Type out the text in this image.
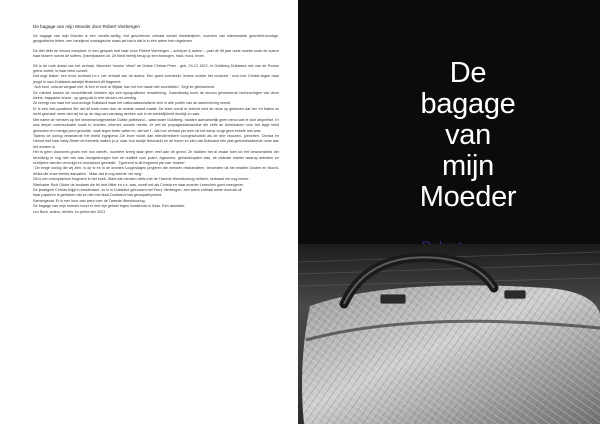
De bagage van mijn Moeder door Robert Vierbergen

De bagage van mijn Moeder is een novelle-achtig, vlot geschreven verhaal zonder tierelantijnen, voorzien van interessante geschied-kundige, geografische feiten, een handjevol nostalgische zwart-wit foto's dat is in één adem heb uitgelezen.

De titel dekt de inhoud compleet. In een gesprek met haar zoon Robert Vierbergen – schrijver & auteur – pakt de 96 jaar oude moeke oude de auteur haar bizarre noemt de koffers, (hare)bassen uit. Ze biedt hierbij terug op een bewogen, hard, mooi, leven.

Dit is de rode draad van het verhaal. Wanneer 'moeke 'ofwel' de Duitse Christa Peter - geb. 24-12 1922- in Goldberg Duitsland niet van de Poolse grens vertelt, is haar tekst cursief.

Dat oogt lekker, een mooi contrast t.o.v. het verhaal van de auteur. Een goed voorbeeld- levens moeke het cursiveit · voor hoe Christa tegen haar jeugd in nazi-Duitsland aankijkt illustreert dit fragment:

' Ach kind, ontzust vergaat niet, ik ben er toch al Wijaar, kan het me haast niet voorstellen.' Zegt ze glimlachend.

De ruimtes tussen de verschillende blokken zijn een typografische verademing. Gaandeweg komt de stroom gevarieerde herinneringen van deze kleine, frappante vrouw , op gang als in een stroom-ver-zeelbig.

Ze brengt ons naar het vooroorloge Duitsland waar het nationaalsocialisme zich in alle porlën van de samenleving neestl.

Er is één niet-opvallend flirt dat dit boek meer dan de moeite waard maakt. De lezer wordt er terecht mist de neus op gewezen dat het 'en fiatein es nicht gewusst' meer dan wij tot op de dag van vandaag denken ook in de werkelijkheid doorlijk zo was.

Met name de mensen op het immense/uitgestrekte Duitse platteland – waaronder Goldberg- hadden aanvankelijk geen benul wat er zich afspeelde. Er was amper communicatie zoals tv, kranten, internet, sociale media. Je wel de propagandamachine die zelfs de Amerikanen voor het lapje hield gehouden én menige joed geloofde- vaak tegen beter weten in, dat wel t - dat hun verhaal per trein uit het kamp vrugt geen enkele reis was.

Tijdens de oorlog veranderde het beeld ingrijpend. De lezer wordt dan ellende/miséré voorgeschoteld als de drie vrouwen- (zenchen, Christa en Hanna met haar baby Dieter de treinrels maken (o.a. naar hun stadje Neumark) én de horen en zien dat Duitsland één plat-gebombardeerde ruine aan het worden is.

Het is geen doorsnee-gruim met hun ideeën, nuchtere kreeg daar geen veel aan de grond. Ze hadden het al zwaar toen tot het bewoonsbeid der bevolking er nog niet van was doorgedrongen hoe de realiteit voor joden, zigeuners, gehandicapten was, de radicale manier waarop artiesten en schrijvers werden vervolgd en monddood gemaakt . Typerend is dit fragment pte van 'moeke':

' De enige oorlog die wij zien, is op tv en in de kranten Loogeslagen jongeren die mensen mishandelen, terroristen uit het midden Oosten en Noord-Afrika die onze wereld aanvallen . Maar dat is nog steeds 'ver weg'.

Dit is een exemplarisch fragment in het boek. Want dat mensen niets met de Tweede Wereldoorlog hebben, verbaast me nog immer.

Stiefvader Rudi Güder de tandarts die fel anti-Hitler en z.s. was, wordt net als Christa en haar moeder Leenchen goed neergezet.

De jeweiginé Christa krijgt in Amsterdam- zo is in Duitsland getrouwd met Ferry Vierbergen- een warm onthaal mede doordat uit

haar papieren is gebleken dat ze niet met Nazi-Duitsland had geumpathyseerd.

Samengevat: Er is een keur aan werk over de Tweede Wereldoorlog.

De bagage van mijn moeder hoort er met zijn geheel eigen invalshoek in thuis. Een aanrader.

Lev Bont, auteur, dichter, ex-performer 2023

De
bagage
van
mijn
Moeder
